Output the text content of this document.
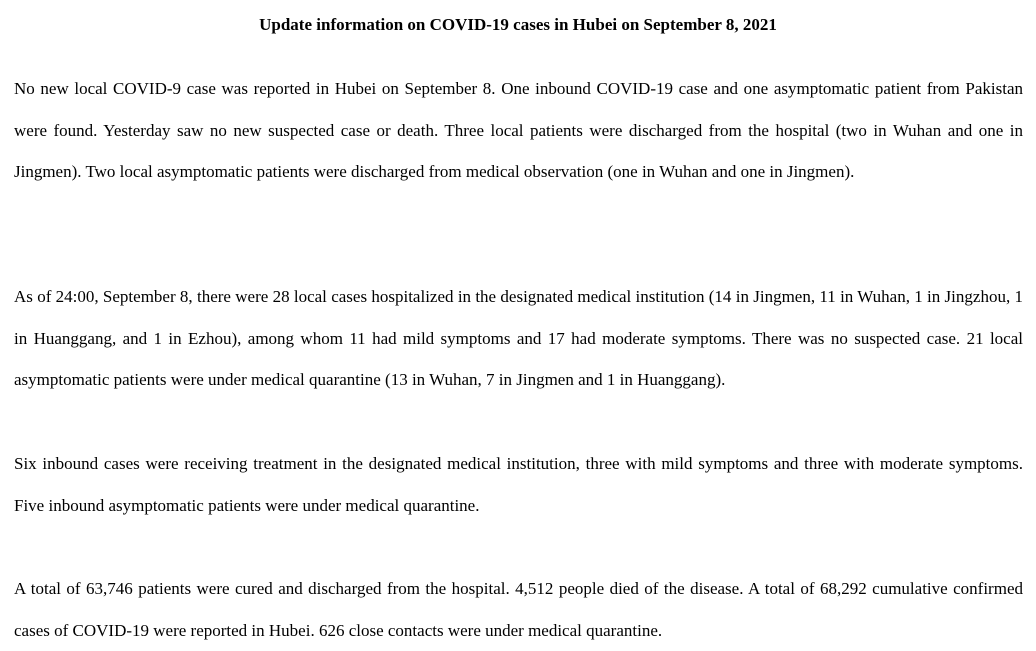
Update information on COVID-19 cases in Hubei on September 8, 2021

No new local COVID-9 case was reported in Hubei on September 8. One inbound COVID-19 case and one asymptomatic patient from Pakistan were found. Yesterday saw no new suspected case or death. Three local patients were discharged from the hospital (two in Wuhan and one in Jingmen). Two local asymptomatic patients were discharged from medical observation (one in Wuhan and one in Jingmen).

As of 24:00, September 8, there were 28 local cases hospitalized in the designated medical institution (14 in Jingmen, 11 in Wuhan, 1 in Jingzhou, 1 in Huanggang, and 1 in Ezhou), among whom 11 had mild symptoms and 17 had moderate symptoms. There was no suspected case. 21 local asymptomatic patients were under medical quarantine (13 in Wuhan, 7 in Jingmen and 1 in Huanggang).

Six inbound cases were receiving treatment in the designated medical institution, three with mild symptoms and three with moderate symptoms. Five inbound asymptomatic patients were under medical quarantine.

A total of 63,746 patients were cured and discharged from the hospital. 4,512 people died of the disease. A total of 68,292 cumulative confirmed cases of COVID-19 were reported in Hubei. 626 close contacts were under medical quarantine.
